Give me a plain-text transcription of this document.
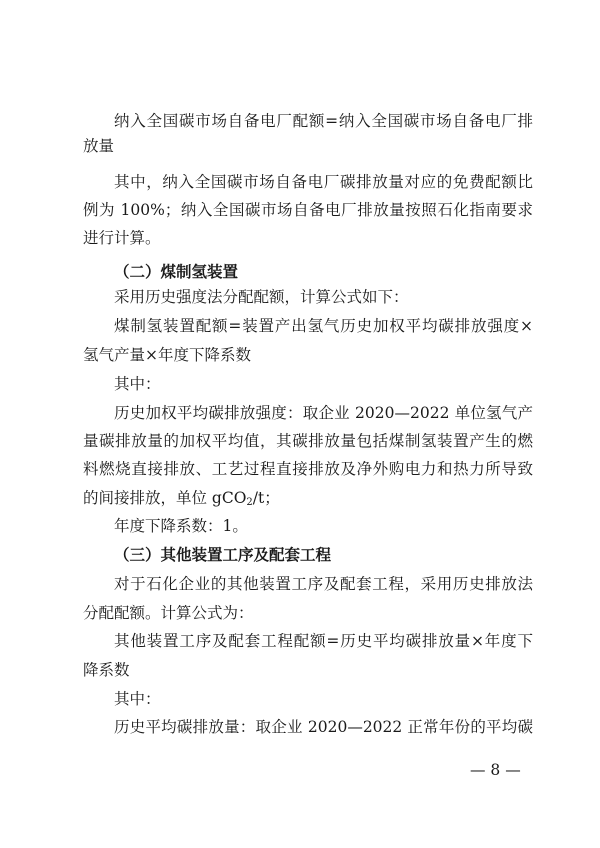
纳入全国碳市场自备电厂配额=纳入全国碳市场自备电厂排
放量
其中，纳入全国碳市场自备电厂碳排放量对应的免费配额比
例为 100%；纳入全国碳市场自备电厂排放量按照石化指南要求
进行计算。
（二）煤制氢装置
采用历史强度法分配配额，计算公式如下：
煤制氢装置配额=装置产出氢气历史加权平均碳排放强度×
氢气产量×年度下降系数
其中：
历史加权平均碳排放强度：取企业 2020—2022 单位氢气产
量碳排放量的加权平均值，其碳排放量包括煤制氢装置产生的燃
料燃烧直接排放、工艺过程直接排放及净外购电力和热力所导致
的间接排放，单位 gCO$_2$/t；
年度下降系数：1。
（三）其他装置工序及配套工程
对于石化企业的其他装置工序及配套工程，采用历史排放法
分配配额。计算公式为：
其他装置工序及配套工程配额=历史平均碳排放量×年度下
降系数
其中：
历史平均碳排放量：取企业 2020—2022 正常年份的平均碳
— 8 —
